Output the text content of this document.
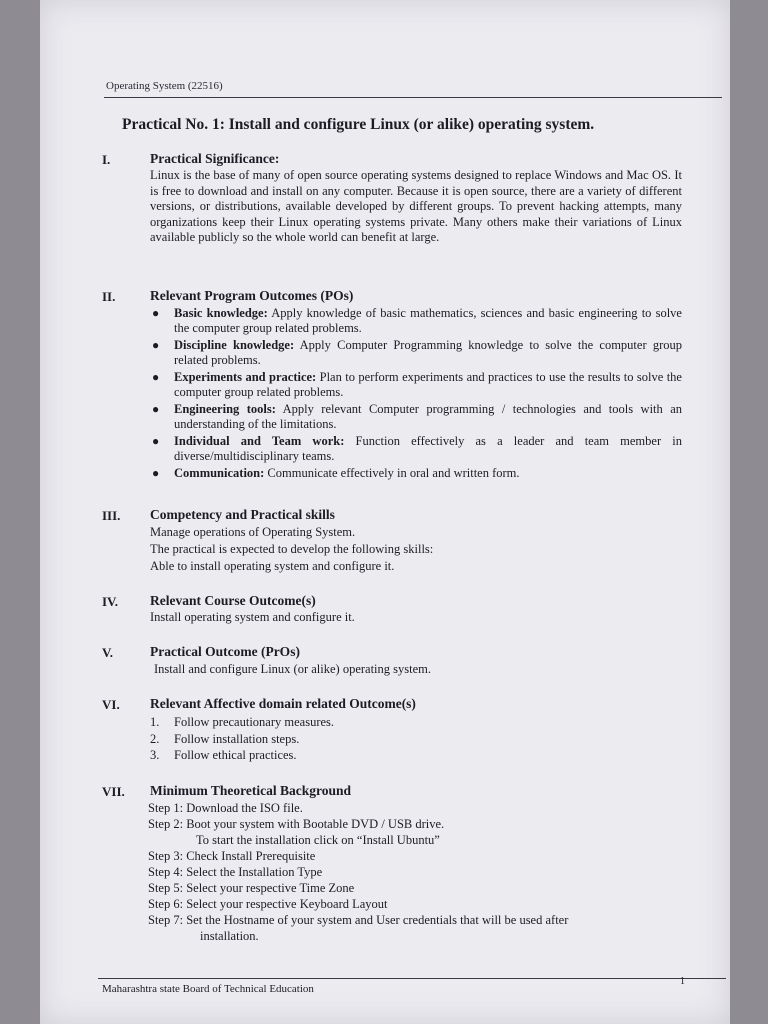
Operating System (22516)
Practical No. 1: Install and configure Linux (or alike) operating system.
I.	Practical Significance:
Linux is the base of many of open source operating systems designed to replace Windows and Mac OS. It is free to download and install on any computer. Because it is open source, there are a variety of different versions, or distributions, available developed by different groups. To prevent hacking attempts, many organizations keep their Linux operating systems private. Many others make their variations of Linux available publicly so the whole world can benefit at large.
II.	Relevant Program Outcomes (POs)
● Basic knowledge: Apply knowledge of basic mathematics, sciences and basic engineering to solve the computer group related problems.
● Discipline knowledge: Apply Computer Programming knowledge to solve the computer group related problems.
● Experiments and practice: Plan to perform experiments and practices to use the results to solve the computer group related problems.
● Engineering tools: Apply relevant Computer programming / technologies and tools with an understanding of the limitations.
● Individual and Team work: Function effectively as a leader and team member in diverse/multidisciplinary teams.
● Communication: Communicate effectively in oral and written form.
III. Competency and Practical skills
Manage operations of Operating System.
The practical is expected to develop the following skills:
Able to install operating system and configure it.
IV. Relevant Course Outcome(s)
Install operating system and configure it.
V.	Practical Outcome (PrOs)
Install and configure Linux (or alike) operating system.
VI. Relevant Affective domain related Outcome(s)
1. Follow precautionary measures.
2. Follow installation steps.
3. Follow ethical practices.
VII. Minimum Theoretical Background
Step 1: Download the ISO file.
Step 2: Boot your system with Bootable DVD / USB drive.
To start the installation click on “Install Ubuntu”
Step 3: Check Install Prerequisite
Step 4: Select the Installation Type
Step 5: Select your respective Time Zone
Step 6: Select your respective Keyboard Layout
Step 7: Set the Hostname of your system and User credentials that will be used after
installation.
Maharashtra state Board of Technical Education
1
